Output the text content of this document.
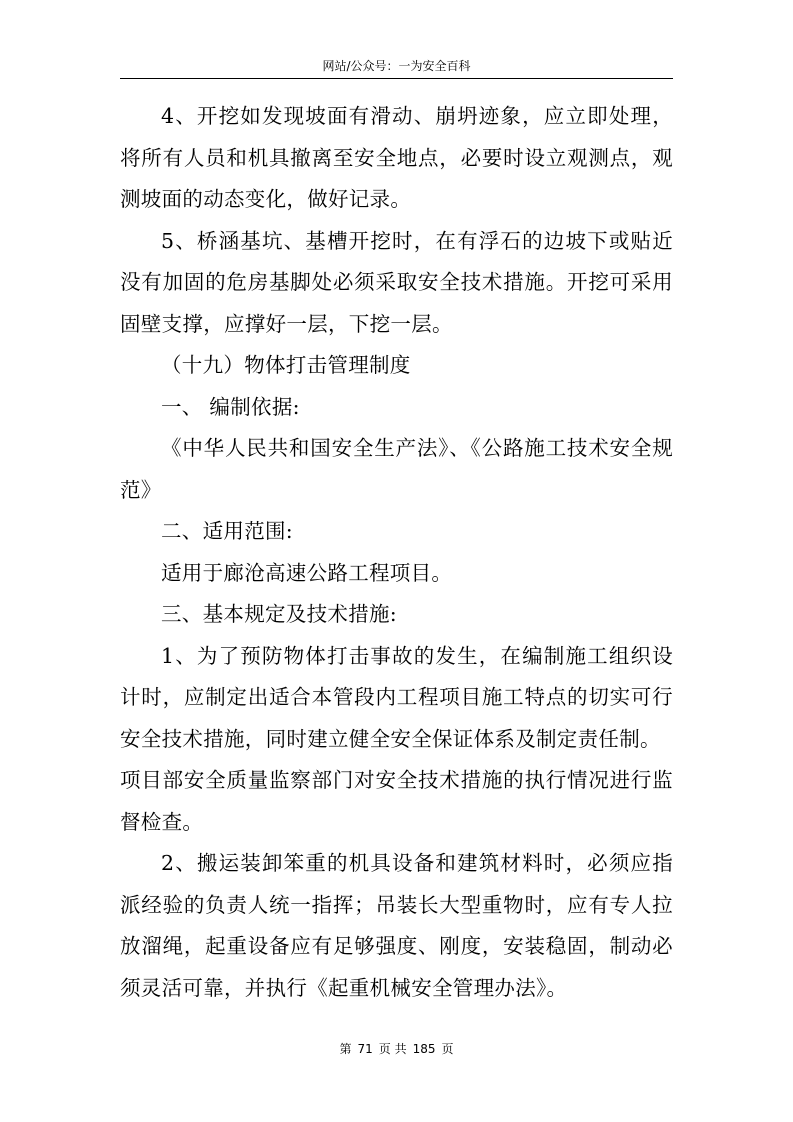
网站/公众号：一为安全百科

4、开挖如发现坡面有滑动、崩坍迹象，应立即处理，将所有人员和机具撤离至安全地点，必要时设立观测点，观测坡面的动态变化，做好记录。

5、桥涵基坑、基槽开挖时，在有浮石的边坡下或贴近没有加固的危房基脚处必须采取安全技术措施。开挖可采用固壁支撑，应撑好一层，下挖一层。

（十九）物体打击管理制度

一、 编制依据:

《中华人民共和国安全生产法》、《公路施工技术安全规范》

二、适用范围:

适用于廊沧高速公路工程项目。

三、基本规定及技术措施:

1、为了预防物体打击事故的发生，在编制施工组织设计时，应制定出适合本管段内工程项目施工特点的切实可行安全技术措施，同时建立健全安全保证体系及制定责任制。

项目部安全质量监察部门对安全技术措施的执行情况进行监督检查。

2、搬运装卸笨重的机具设备和建筑材料时，必须应指派经验的负责人统一指挥；吊装长大型重物时，应有专人拉放溜绳，起重设备应有足够强度、刚度，安装稳固，制动必须灵活可靠，并执行《起重机械安全管理办法》。

第 71 页 共 185 页
